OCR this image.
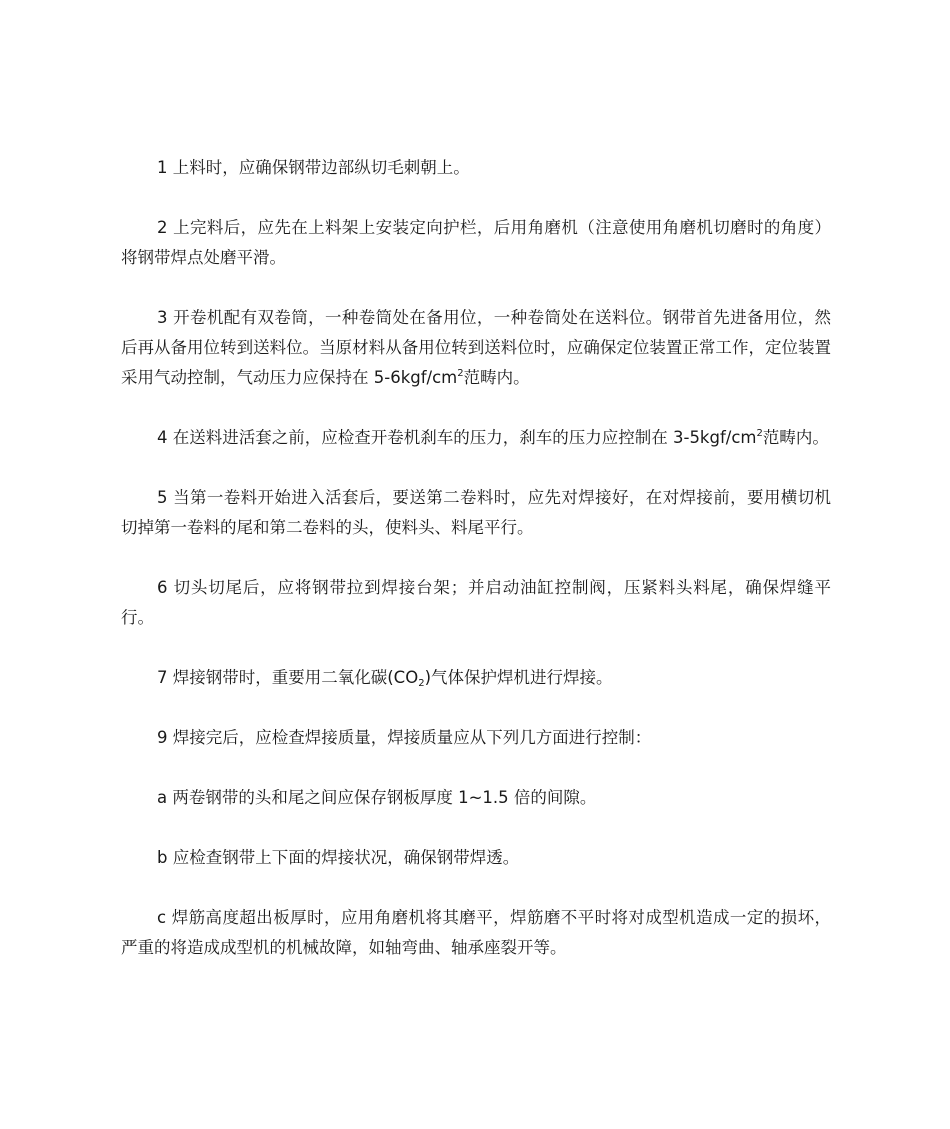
1 上料时，应确保钢带边部纵切毛刺朝上。

2 上完料后，应先在上料架上安装定向护栏，后用角磨机（注意使用角磨机切磨时的角度）将钢带焊点处磨平滑。

3 开卷机配有双卷筒，一种卷筒处在备用位，一种卷筒处在送料位。钢带首先进备用位，然后再从备用位转到送料位。当原材料从备用位转到送料位时，应确保定位装置正常工作，定位装置采用气动控制，气动压力应保持在 $5-6kgf/cm^2$范畴内。

4 在送料进活套之前，应检查开卷机刹车的压力，刹车的压力应控制在 $3-5kgf/cm^2$范畴内。

5 当第一卷料开始进入活套后，要送第二卷料时，应先对焊接好，在对焊接前，要用横切机切掉第一卷料的尾和第二卷料的头，使料头、料尾平行。

6 切头切尾后，应将钢带拉到焊接台架；并启动油缸控制阀，压紧料头料尾，确保焊缝平行。

7 焊接钢带时，重要用二氧化碳$(CO_2)$气体保护焊机进行焊接。

9 焊接完后，应检查焊接质量，焊接质量应从下列几方面进行控制：

a 两卷钢带的头和尾之间应保存钢板厚度 1~1.5 倍的间隙。

b 应检查钢带上下面的焊接状况，确保钢带焊透。

c 焊筋高度超出板厚时，应用角磨机将其磨平，焊筋磨不平时将对成型机造成一定的损坏，严重的将造成成型机的机械故障，如轴弯曲、轴承座裂开等。
